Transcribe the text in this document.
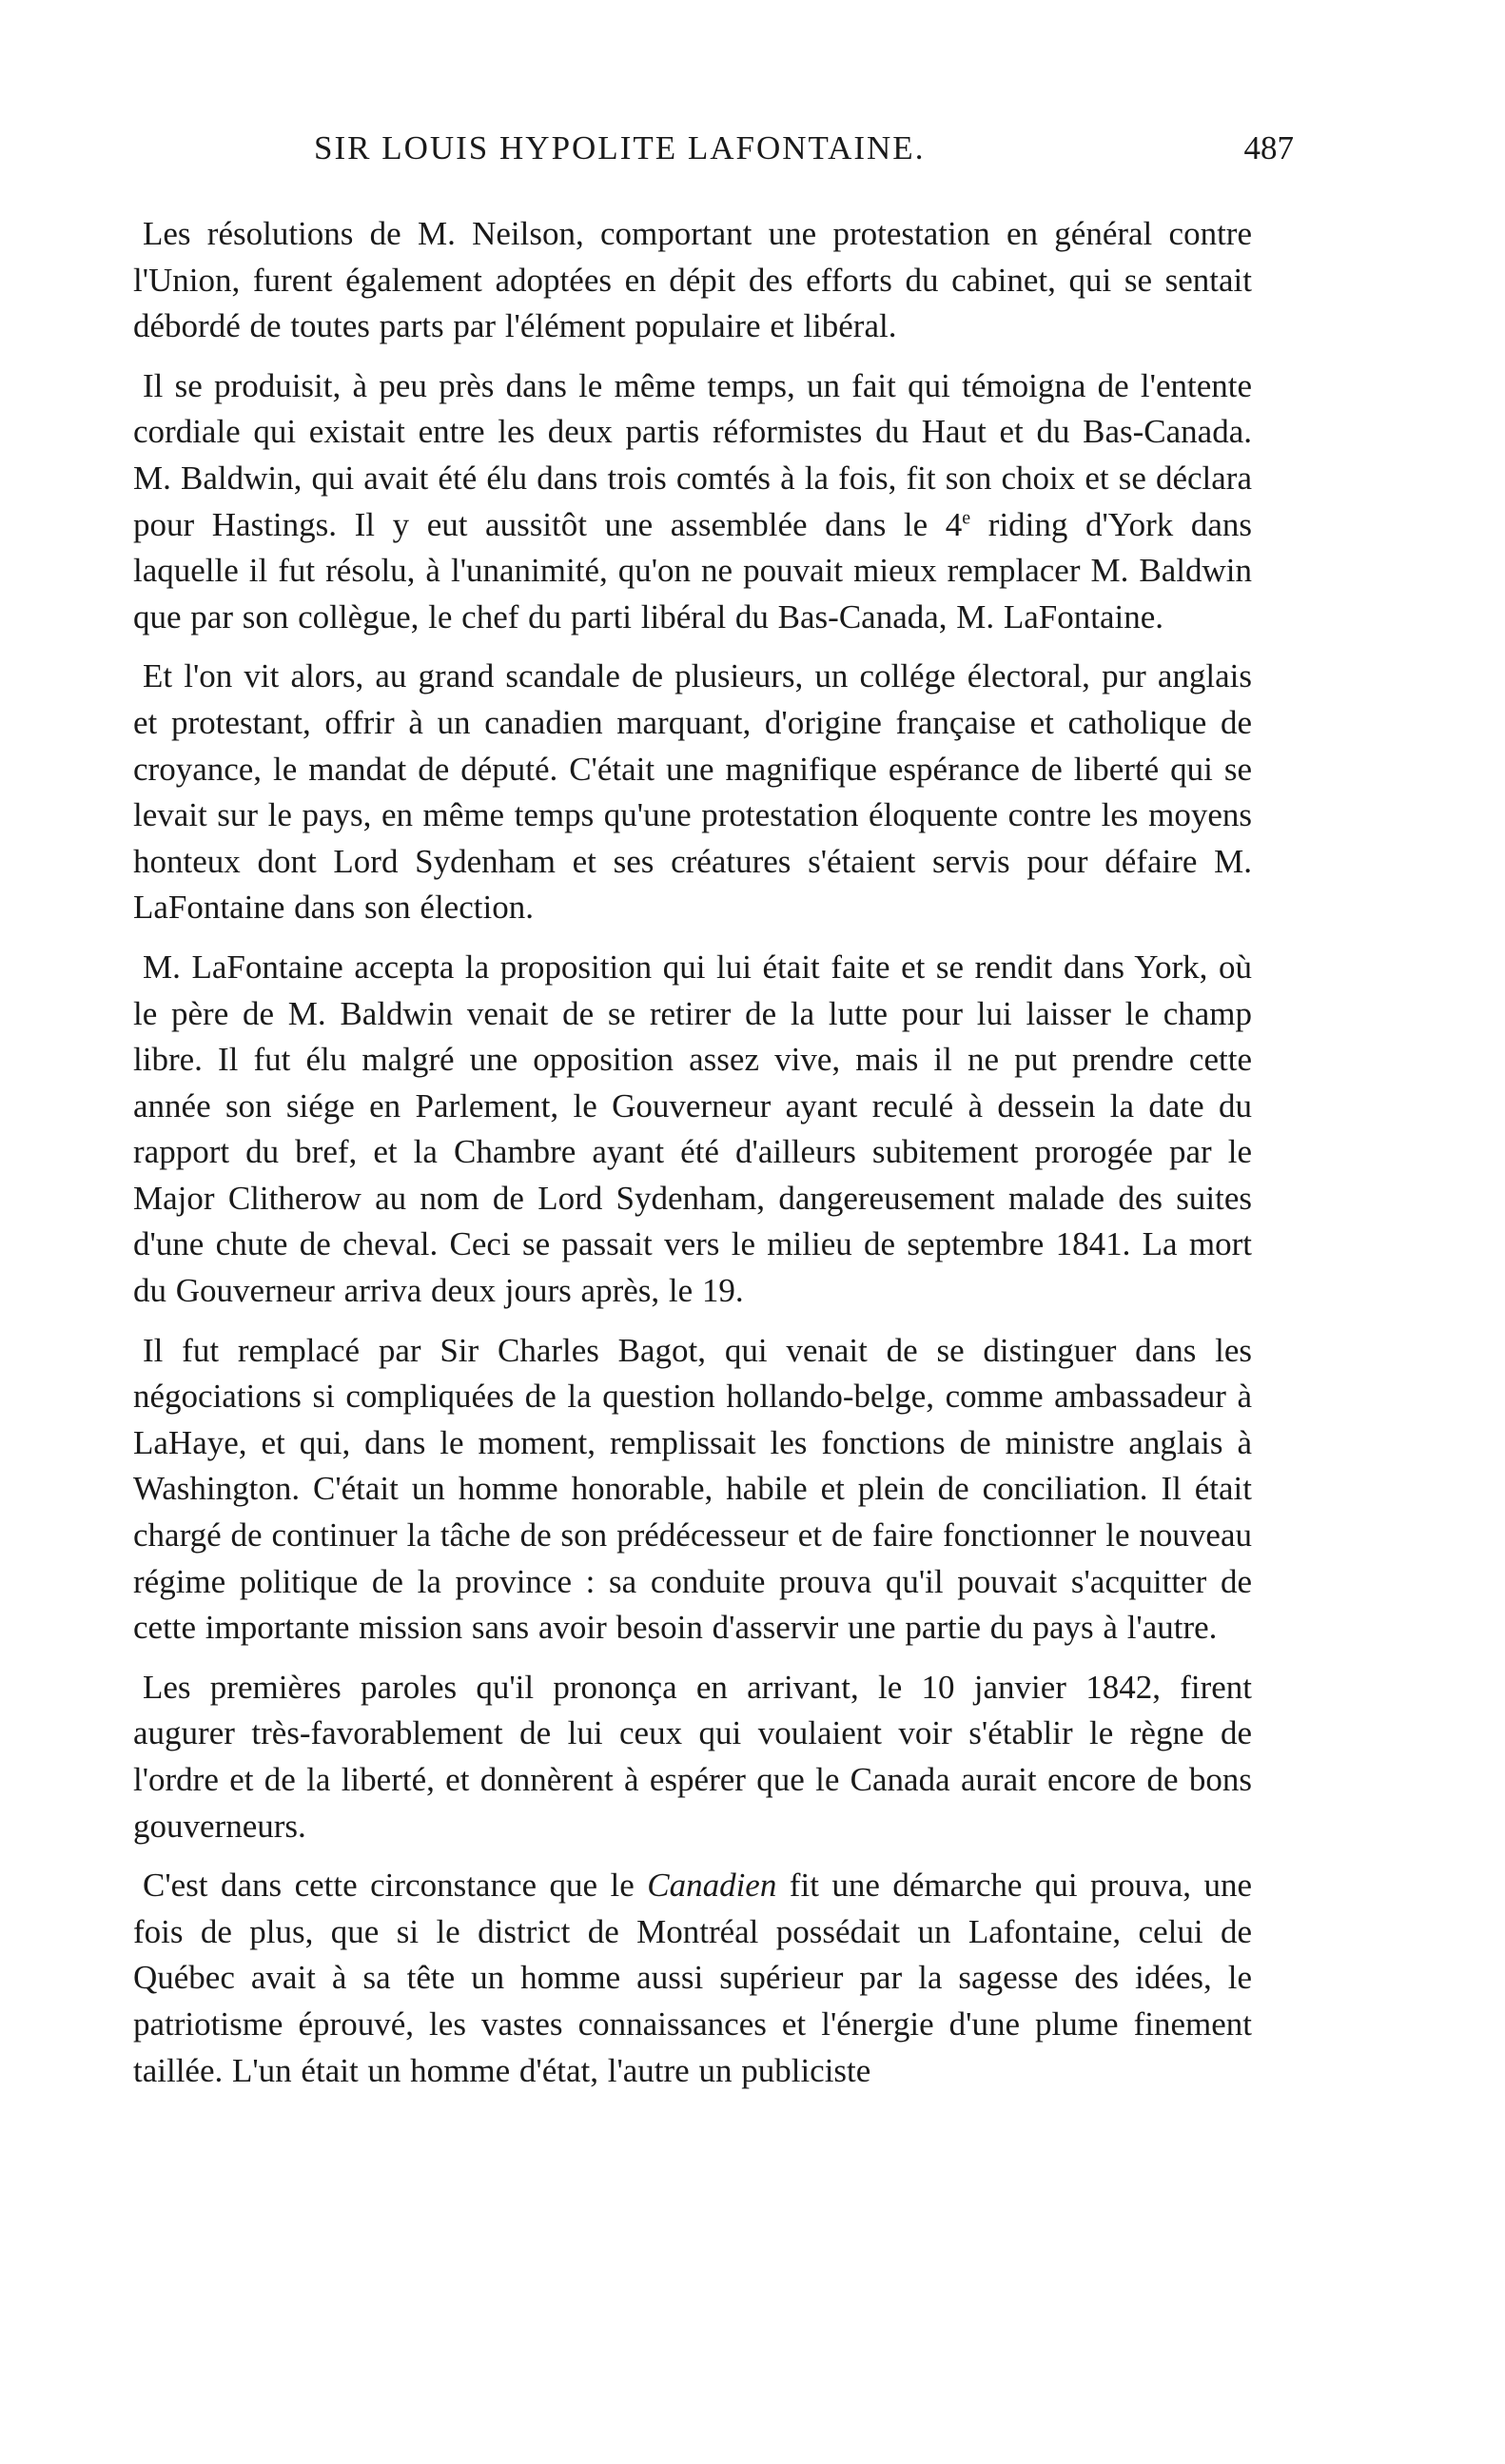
SIR LOUIS HYPOLITE LAFONTAINE.	487

Les résolutions de M. Neilson, comportant une protestation en général contre l'Union, furent également adoptées en dépit des efforts du cabinet, qui se sentait débordé de toutes parts par l'élément populaire et libéral.

Il se produisit, à peu près dans le même temps, un fait qui témoigna de l'entente cordiale qui existait entre les deux partis réformistes du Haut et du Bas-Canada. M. Baldwin, qui avait été élu dans trois comtés à la fois, fit son choix et se déclara pour Hastings. Il y eut aussitôt une assemblée dans le 4e riding d'York dans laquelle il fut résolu, à l'unanimité, qu'on ne pouvait mieux remplacer M. Baldwin que par son collègue, le chef du parti libéral du Bas-Canada, M. LaFontaine.

Et l'on vit alors, au grand scandale de plusieurs, un collége électoral, pur anglais et protestant, offrir à un canadien marquant, d'origine française et catholique de croyance, le mandat de député. C'était une magnifique espérance de liberté qui se levait sur le pays, en même temps qu'une protestation éloquente contre les moyens honteux dont Lord Sydenham et ses créatures s'étaient servis pour défaire M. LaFontaine dans son élection.

M. LaFontaine accepta la proposition qui lui était faite et se rendit dans York, où le père de M. Baldwin venait de se retirer de la lutte pour lui laisser le champ libre. Il fut élu malgré une opposition assez vive, mais il ne put prendre cette année son siége en Parlement, le Gouverneur ayant reculé à dessein la date du rapport du bref, et la Chambre ayant été d'ailleurs subitement prorogée par le Major Clitherow au nom de Lord Sydenham, dangereusement malade des suites d'une chute de cheval. Ceci se passait vers le milieu de septembre 1841. La mort du Gouverneur arriva deux jours après, le 19.

Il fut remplacé par Sir Charles Bagot, qui venait de se distinguer dans les négociations si compliquées de la question hollando-belge, comme ambassadeur à LaHaye, et qui, dans le moment, remplissait les fonctions de ministre anglais à Washington. C'était un homme honorable, habile et plein de conciliation. Il était chargé de continuer la tâche de son prédécesseur et de faire fonctionner le nouveau régime politique de la province : sa conduite prouva qu'il pouvait s'acquitter de cette importante mission sans avoir besoin d'asservir une partie du pays à l'autre.

Les premières paroles qu'il prononça en arrivant, le 10 janvier 1842, firent augurer très-favorablement de lui ceux qui voulaient voir s'établir le règne de l'ordre et de la liberté, et donnèrent à espérer que le Canada aurait encore de bons gouverneurs.

C'est dans cette circonstance que le Canadien fit une démarche qui prouva, une fois de plus, que si le district de Montréal possédait un Lafontaine, celui de Québec avait à sa tête un homme aussi supérieur par la sagesse des idées, le patriotisme éprouvé, les vastes connaissances et l'énergie d'une plume finement taillée. L'un était un homme d'état, l'autre un publiciste
